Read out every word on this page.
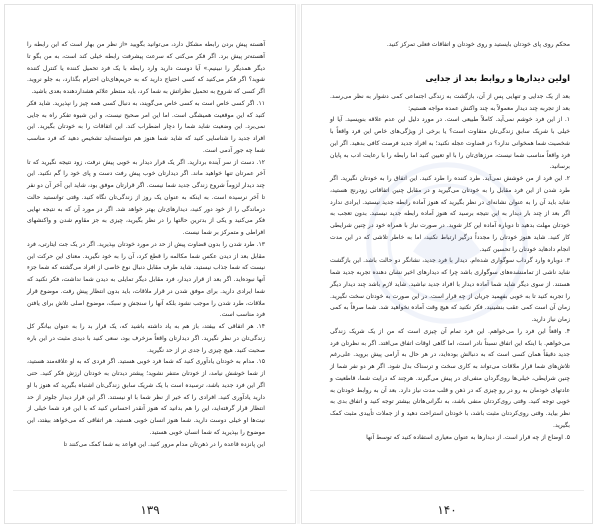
آهسته پیش بردن رابطه مشکل دارد، می‌توانید بگویید «از نظر من بهار است که این رابطه را آهسته‌تر پیش برد. اگر فکر می‌کنی که سرعت پیشرفت رابطه خیلی کند است، به من بگو تا دیگر همدیگر را نبینیم.» آیا دوست دارید وارد رابطه با یک فرد تحمیل کننده یا کنترل کننده شوید؟ اگر فکر می‌کنید که کسی احتیاج دارید که به حریم‌های‌تان احترام بگذارد، به جلو نروید. اگر کسی که شروع به تحمیل نظراتش به شما کرد، باید منتظر علائم هشداردهنده بعدی باشید.

۱۱. اگر کسی خاص است به کسی خاص می‌گویند، به دنبال کسی همه چیز را نپذیرید. شاید فکر کنید که این موقعیت همیشگی است. اما این امر صحیح نیست، و این شیوه تفکر راه به جایی نمی‌برد. این وضعیت شاید شما را دچار اضطراب کند. این اتفاقات را به خودتان بگیرید. این افراد جدید را شناسایی کنید که شاید شما هنوز هم نتوانسته‌اید تشخیص دهید که فرد مناسب شما چه جور آدمی است.

۱۲. دست از سر آینده بردارید. اگر یک قرار دیدار به خوبی پیش نرفت، زود نتیجه نگیرید که تا آخر عمرتان تنها خواهید ماند. اگر دیدارتان خوب پیش رفت دست و پای خود را گم نکنید. این چند دیدار لزوماً شروع زندگی جدید شما نیست. اگر قرارتان موفق بود، شاید این آخر آن دو نفر تا آخر نرسیده است. به اینکه به عنوان یک روز از زندگی‌تان نگاه کنید. وقتی توانستید حالت درماندگی را از خود دور کنید، دیدارهای‌تان بهتر خواهد شد. اگر در مورد آن که به نتیجه نهایی فکر می‌کنید و یکی از بدترین حالتها را در نظر بگیرید، چیزی به جز مقاوم شدن و واکنشهای افراطی و متمرکز بر شما نیست.

۱۳. طرد شدن را بدون قضاوت پیش از حد در مورد خودتان بپذیرید. اگر در یک جت ایتارتی، فرد مقابل بعد از دیدن عکس شما مکالمه را قطع کرد، آن را به خود نگیرید. معنای این حرکت این نیست که شما جذاب نیستید. شاید طرف مقابل دنبال نوع خاصی از افراد می‌گشته که شما جزء آنها نبوده‌اید. اگر بعد از قرار دیدار، فرد مقابل دیگر تمایلی به دیدن شما نداشت، فکر نکنید که شما ایرادی دارید. برای موفق شدن در قرار ملاقات، باید بدون انتظار پیش رفت. موضوع قرار ملاقات، طرد شدن را موجب نشود بلکه آنها را سنجش و سبک، موضوع اصلی تلاش برای یافتن فرد مناسب است.

۱۴. هر اتفاقی که بیفتد، باز هم به یاد داشته باشید که، یک قرار بد را به عنوان بیانگر کل زندگی‌تان در نظر نگیرید. اگر دیدارتان واقعاً مزخرف بود، سعی کنید با دیدی مثبت در این باره صحبت کنید. هیچ چیزی را جدی تر از حد نگیرید.

۱۵. مدام به خودتان یادآوری کنید که شما فرد خوبی هستید. اگر فردی که به او علاقه‌مند هستید، از شما خوشش نیامد، از خودتان متنفر نشوید؛ پیشتر دیدتان به خودتان ارزش فکر کنید. حتی اگر این فرد جدید باشد، ترسیده است با یک شریک سابق زندگی‌تان اشتباه بگیرید که هنوز با او دارید یادآوری کنید. افرادی را که خیر از نظر شما با او نیستند. اگر این قرار دیدار جلوتر از حد انتظار قرار گرفته‌اید، این را هم بدانید که هنوز آنقدر احساس کنید که با این فرد شما خیلی از نیت‌ها او خیلی دوست دارید. شما هنوز انسان خوبی هستید. هر اتفاقی که می‌خواهد بیفتد، این موضوع را بپذیرید که شما انسان خوبی هستید.

این پانزده قاعده را در ذهن‌تان مدام مرور کنید. این قواعد به شما کمک می‌کنند تا

۱۳۹

محکم روی پای خودتان بایستید و روی خودتان و اتفاقات فعلی تمرکز کنید.

اولین دیدارها و روابط بعد از جدایی

بعد از یک جدایی و تنهایی پس از آن، بازگشت به زندگی اجتماعی کمی دشوار به نظر می‌رسد. بعد از تجربه چند دیدار معمولاً به چند واکنش عمده مواجه هستیم:

۱. از این فرد خوشم نمی‌آید. کاملاً طبیعی است. در مورد دلیل این عدم علاقه بنویسید. آیا او خیلی با شریک سابق زندگی‌تان متفاوت است؟ یا برخی از ویژگی‌های خاص این فرد واقعاً با شخصیت شما همخوانی ندارد؟ در قضاوت عجله نکنید؛ به افراد جدید فرصت کافی بدهید. اگر این فرد واقعاً مناسب شما نیست، مرزهای‌تان را با او تعیین کنید اما رابطه را با رعایت ادب به پایان برسانید.

۲. این فرد از من خوشش نمی‌آید. طرد کننده را طرد کنید. این اتفاق را به خودتان نگیرید. اگر طرد شدن از این فرد مقابل را به خودتان می‌گیرید و در مقابل چنین اتفاقاتی زودرنج هستید، شاید باید آن را به عنوان نشانه‌ای در نظر بگیرید که هنوز آماده رابطه جدید نیستید. ایرادی ندارد اگر بعد از چند بار دیدار به این نتیجه برسید که هنوز آماده رابطه جدید نیستید. بدون تعجب به خودتان مهلت بدهید تا دوباره آماده این کار شوید. در صورت نیاز با همراه خود در چنین شرایطی کار کنید. شاید هنوز خودتان را مجدداً درگیر ارتباط نکنید، اما به خاطر تلاشی که در این مدت انجام دادهاید خودتان را تحسین کنید.

۳. دوباره وارد گرداب سوگواری شده‌ام. دیدار با فرد جدید، نشانگر دو حالت باشد. این بازگشت شاید ناشی از تمامنشده‌های سوگواری باشد چرا که دیدارهای اخیر نشان دهنده تجربه جدید شما هستند. از سوی دیگر شاید شما آماده دیدار با افراد جدید نباشید. شاید لازم باشد چند دیدار دیگر را تجربه کنید تا به خوبی بفهمید جریان از چه قرار است. در این صورت به خودتان سخت نگیرید. زمان آن است کمی عقب بنشینید. فکر نکنید که هیچ وقت آماده نخواهید شد. شما صرفاً به کمی زمان نیاز دارید.

۴. واقعاً این فرد را می‌خواهم. این فرد تمام آن چیزی است که من از یک شریک زندگی می‌خواهم. با اینکه این اتفاق نسبتاً نادر است، اما گاهی اوقات اتفاق می‌افتد. اگر به نظرتان فرد جدید دقیقاً همان کسی است که به دنبالش بوده‌اید، در هر حال به آرامی پیش بروید. علی‌رغم تلاش‌های شما قرار ملاقات می‌تواند به کاری سخت و ترسناک بدل شود. اگر هر دو نفر شما از چنین شرایطی، خیلی‌ها روی‌گردان منفی‌ای در پیش می‌گیرند. هرچند که درایت شما، قاطعیت و عادتهای خودمان به رو در رو چیزی که در ذهن و قلب مدت نیاز دارد. بعد آن به روابط خودتان به خوبی توجه کنید. وقتی روی‌کردتان منفی باشد، به نگرانی‌هاتان بیشتر توجه کنید و اتفاق بدی به نظر بیاید. وقتی روی‌کردتان مثبت باشد، با خودتان استراحت دهید و از جملات تأییدی مثبت کمک بگیرید.

۵. اوضاع از چه قرار است. از دیدارها به عنوان معیاری استفاده کنید که توسط آنها

۱۴۰
